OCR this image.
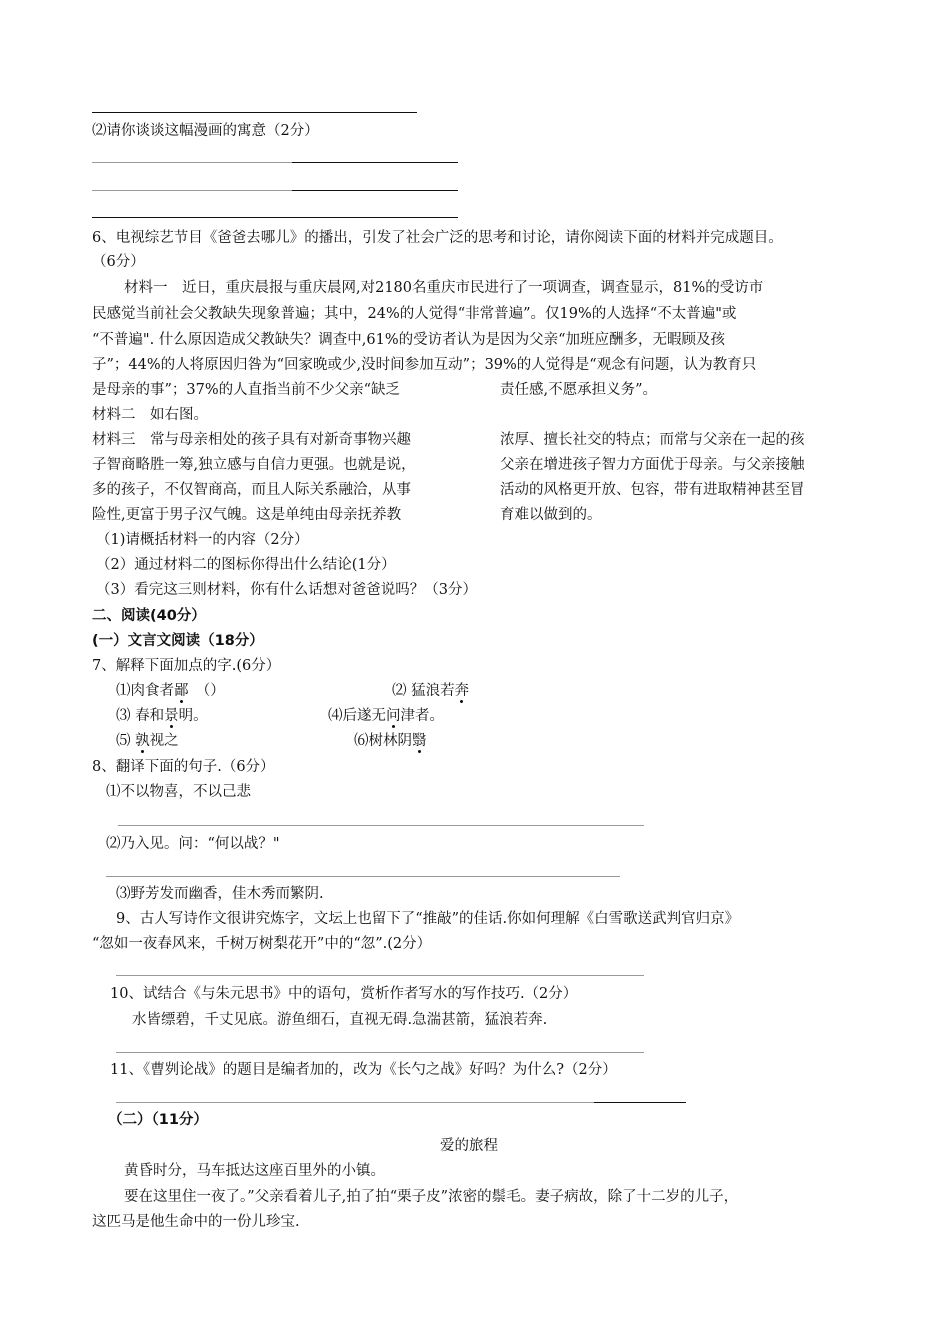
⑵请你谈谈这幅漫画的寓意（2分）
6、电视综艺节目《爸爸去哪儿》的播出，引发了社会广泛的思考和讨论，请你阅读下面的材料并完成题目。
（6分）
材料一　近日，重庆晨报与重庆晨网,对2180名重庆市民进行了一项调查，调查显示，81%的受访市
民感觉当前社会父教缺失现象普遍；其中，24%的人觉得“非常普遍”。仅19%的人选择“不太普遍"或
“不普遍". 什么原因造成父教缺失？调查中,61%的受访者认为是因为父亲“加班应酬多，无暇顾及孩
子”；44%的人将原因归咎为“回家晚或少,没时间参加互动”；39%的人觉得是“观念有问题，认为教育只
是母亲的事”；37%的人直指当前不少父亲“缺乏	责任感,不愿承担义务”。
材料二　如右图。
材料三　常与母亲相处的孩子具有对新奇事物兴趣
子智商略胜一筹,独立感与自信力更强。也就是说，
多的孩子，不仅智商高，而且人际关系融洽，从事
险性,更富于男子汉气魄。这是单纯由母亲抚养教
浓厚、擅长社交的特点；而常与父亲在一起的孩
父亲在增进孩子智力方面优于母亲。与父亲接触
活动的风格更开放、包容，带有进取精神甚至冒
育难以做到的。
（1)请概括材料一的内容（2分）
（2）通过材料二的图标你得出什么结论(1分）
（3）看完这三则材料，你有什么话想对爸爸说吗？（3分）
二、阅读(40分）
(一）文言文阅读（18分）
7、解释下面加点的字.(6分）
⑴肉食者鄙　（）	⑵ 猛浪若奔
⑶ 春和景明。	⑷后遂无问津者。
⑸ 孰视之	⑹树林阴翳
8、翻译下面的句子.（6分）
⑴不以物喜，不以己悲
⑵乃入见。问：“何以战？"
⑶野芳发而幽香，佳木秀而繁阴.
9、古人写诗作文很讲究炼字，文坛上也留下了“推敲”的佳话.你如何理解《白雪歌送武判官归京》
“忽如一夜春风来，千树万树梨花开”中的“忽”.(2分）
10、试结合《与朱元思书》中的语句，赏析作者写水的写作技巧.（2分）
水皆缥碧，千丈见底。游鱼细石，直视无碍.急湍甚箭，猛浪若奔.
11、《曹刿论战》的题目是编者加的，改为《长勺之战》好吗？为什么?（2分）
（二）（11分）
爱的旅程
黄昏时分，马车抵达这座百里外的小镇。
要在这里住一夜了。”父亲看着儿子,拍了拍“栗子皮”浓密的鬃毛。妻子病故，除了十二岁的儿子，
这匹马是他生命中的一份儿珍宝.
